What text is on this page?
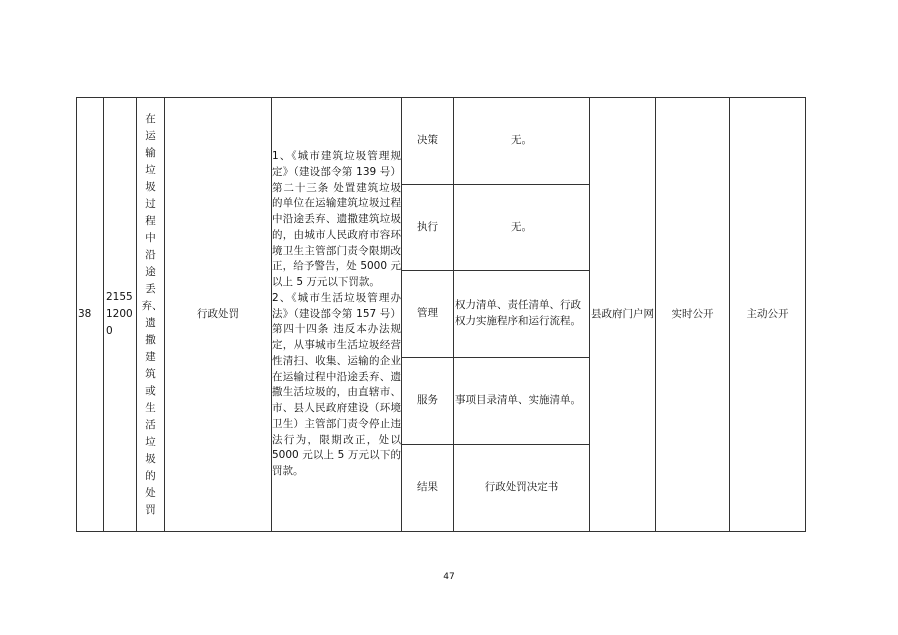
38	215512000	在运输垃圾过程中沿途丢弃、遗撒建筑或生活垃圾的处罚	行政处罚	1、《城市建筑垃圾管理规定》（建设部令第 139 号）第二十三条 处置建筑垃圾的单位在运输建筑垃圾过程中沿途丢弃、遗撒建筑垃圾的，由城市人民政府市容环境卫生主管部门责令限期改正，给予警告，处 5000 元以上 5 万元以下罚款。

2、《城市生活垃圾管理办法》（建设部令第 157 号）第四十四条 违反本办法规定，从事城市生活垃圾经营性清扫、收集、运输的企业在运输过程中沿途丢弃、遗撒生活垃圾的，由直辖市、市、县人民政府建设（环境卫生）主管部门责令停止违法行为，限期改正，处以 5000 元以上 5 万元以下的罚款。	决策	无。	县政府门户网	实时公开	主动公开
					执行	无。			
					管理	权力清单、责任清单、行政权力实施程序和运行流程。			
					服务	事项目录清单、实施清单。			
					结果	行政处罚决定书			
47
